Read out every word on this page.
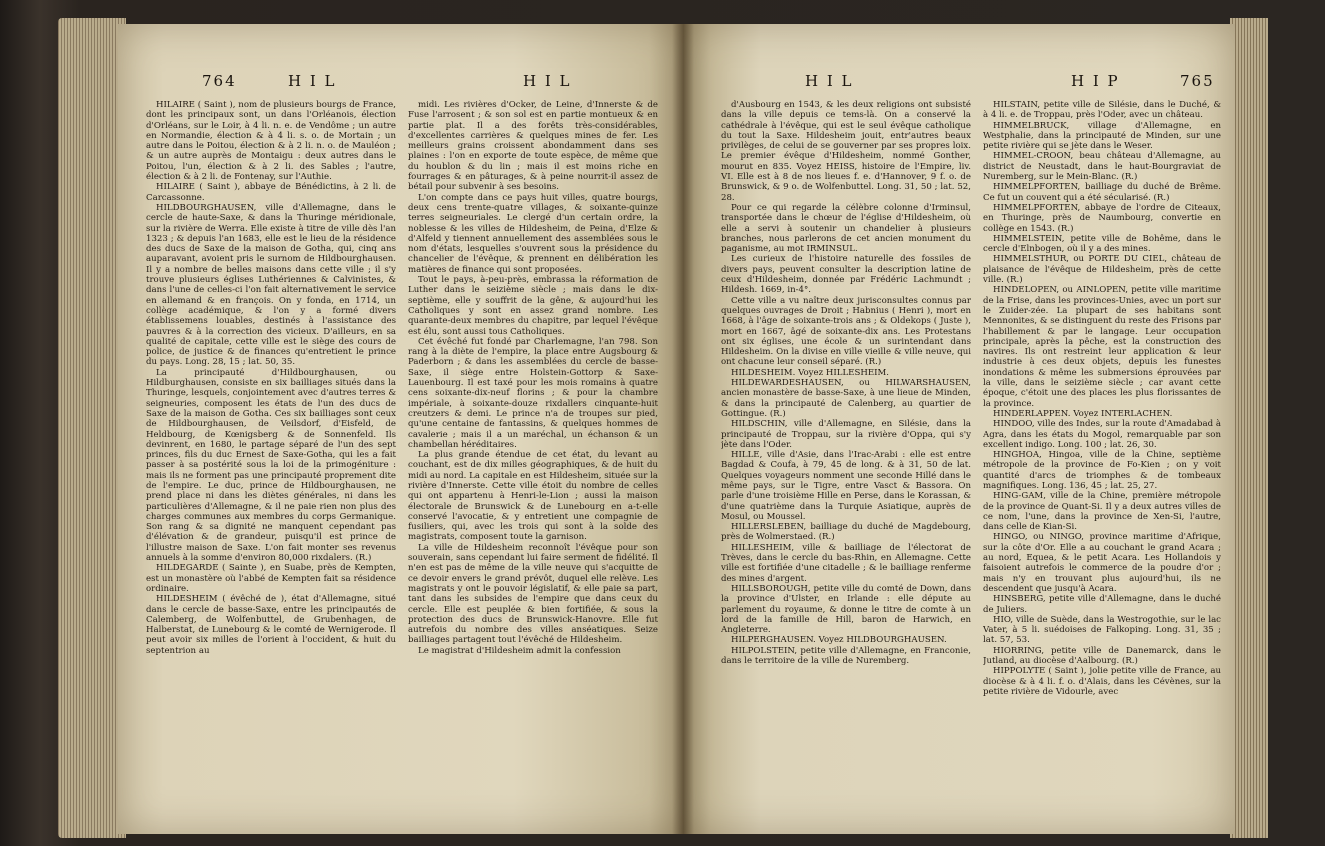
764	H I L	H I L

HILAIRE ( Saint ), nom de plusieurs bourgs de France, dont les principaux sont, un dans l'Orléanois, élection d'Orléans, sur le Loir, à 4 li. n. e. de Vendôme ; un autre en Normandie, élection & à 4 li. s. o. de Mortain ; un autre dans le Poitou, élection & à 2 li. n. o. de Mauléon ; & un autre auprès de Montaigu : deux autres dans le Poitou, l'un, élection & à 2 li. des Sables ; l'autre, élection & à 2 li. de Fontenay, sur l'Authie.

HILAIRE ( Saint ), abbaye de Bénédictins, à 2 li. de Carcassonne.

HILDBOURGHAUSEN, ville d'Allemagne, dans le cercle de haute-Saxe, & dans la Thuringe méridionale, sur la rivière de Werra. Elle existe à titre de ville dès l'an 1323 ; & depuis l'an 1683, elle est le lieu de la résidence des ducs de Saxe de la maison de Gotha, qui, cinq ans auparavant, avoient pris le surnom de Hildbourghausen. Il y a nombre de belles maisons dans cette ville ; il s'y trouve plusieurs églises Luthériennes & Calvinistes, & dans l'une de celles-ci l'on fait alternativement le service en allemand & en françois. On y fonda, en 1714, un collège académique, & l'on y a formé divers établissemens louables, destinés à l'assistance des pauvres & à la correction des vicieux. D'ailleurs, en sa qualité de capitale, cette ville est le siège des cours de police, de justice & de finances qu'entretient le prince du pays. Long. 28, 15 ; lat. 50, 35.

La principauté d'Hildbourghausen, ou Hildburghausen, consiste en six bailliages situés dans la Thuringe, lesquels, conjointement avec d'autres terres & seigneuries, composent les états de l'un des ducs de Saxe de la maison de Gotha. Ces six bailliages sont ceux de Hildbourghausen, de Veilsdorf, d'Eisfeld, de Heldbourg, de Kœnigsberg & de Sonnenfeld. Ils devinrent, en 1680, le partage séparé de l'un des sept princes, fils du duc Ernest de Saxe-Gotha, qui les a fait passer à sa postérité sous la loi de la primogéniture : mais ils ne forment pas une principauté proprement dite de l'empire. Le duc, prince de Hildbourghausen, ne prend place ni dans les diètes générales, ni dans les particulières d'Allemagne, & il ne paie rien non plus des charges communes aux membres du corps Germanique. Son rang & sa dignité ne manquent cependant pas d'élévation & de grandeur, puisqu'il est prince de l'illustre maison de Saxe. L'on fait monter ses revenus annuels à la somme d'environ 80,000 rixdalers. (R.)

HILDEGARDE ( Sainte ), en Suabe, près de Kempten, est un monastère où l'abbé de Kempten fait sa résidence ordinaire.

HILDESHEIM ( évêché de ), état d'Allemagne, situé dans le cercle de basse-Saxe, entre les principautés de Calemberg, de Wolfenbuttel, de Grubenhagen, de Halberstat, de Lunebourg & le comté de Wernigerode. Il peut avoir six milles de l'orient à l'occident, & huit du septentrion au

midi. Les rivières d'Ocker, de Leine, d'Innerste & de Fuse l'arrosent ; & son sol est en partie montueux & en partie plat. Il a des forêts très-considérables, d'excellentes carrières & quelques mines de fer. Les meilleurs grains croissent abondamment dans ses plaines : l'on en exporte de toute espèce, de même que du houblon & du lin ; mais il est moins riche en fourrages & en pâturages, & à peine nourrit-il assez de bétail pour subvenir à ses besoins.

L'on compte dans ce pays huit villes, quatre bourgs, deux cens trente-quatre villages, & soixante-quinze terres seigneuriales. Le clergé d'un certain ordre, la noblesse & les villes de Hildesheim, de Peina, d'Elze & d'Alfeld y tiennent annuellement des assemblées sous le nom d'états, lesquelles s'ouvrent sous la présidence du chancelier de l'évêque, & prennent en délibération les matières de finance qui sont proposées.

Tout le pays, à-peu-près, embrassa la réformation de Luther dans le seizième siècle ; mais dans le dix-septième, elle y souffrit de la gêne, & aujourd'hui les Catholiques y sont en assez grand nombre. Les quarante-deux membres du chapitre, par lequel l'évêque est élu, sont aussi tous Catholiques.

Cet évêché fut fondé par Charlemagne, l'an 798. Son rang à la diète de l'empire, la place entre Augsbourg & Paderborn ; & dans les assemblées du cercle de basse-Saxe, il siège entre Holstein-Gottorp & Saxe-Lauenbourg. Il est taxé pour les mois romains à quatre cens soixante-dix-neuf florins ; & pour la chambre impériale, à soixante-douze rixdallers cinquante-huit creutzers & demi. Le prince n'a de troupes sur pied, qu'une centaine de fantassins, & quelques hommes de cavalerie ; mais il a un maréchal, un échanson & un chambellan héréditaires.

La plus grande étendue de cet état, du levant au couchant, est de dix milles géographiques, & de huit du midi au nord. La capitale en est Hildesheim, située sur la rivière d'Innerste. Cette ville étoit du nombre de celles qui ont appartenu à Henri-le-Lion ; aussi la maison électorale de Brunswick & de Lunebourg en a-t-elle conservé l'avocatie, & y entretient une compagnie de fusiliers, qui, avec les trois qui sont à la solde des magistrats, composent toute la garnison.

La ville de Hildesheim reconnoît l'évêque pour son souverain, sans cependant lui faire serment de fidélité. Il n'en est pas de même de la ville neuve qui s'acquitte de ce devoir envers le grand prévôt, duquel elle relève. Les magistrats y ont le pouvoir législatif, & elle paie sa part, tant dans les subsides de l'empire que dans ceux du cercle. Elle est peuplée & bien fortifiée, & sous la protection des ducs de Brunswick-Hanovre. Elle fut autrefois du nombre des villes anséatiques. Seize bailliages partagent tout l'évêché de Hildesheim.

Le magistrat d'Hildesheim admit la confession

H I L	H I P	765

d'Ausbourg en 1543, & les deux religions ont subsisté dans la ville depuis ce tems-là. On a conservé la cathédrale à l'évêque, qui est le seul évêque catholique du tout la Saxe. Hildesheim jouit, entr'autres beaux privilèges, de celui de se gouverner par ses propres loix. Le premier évêque d'Hildesheim, nommé Gonther, mourut en 835. Voyez HEISS, histoire de l'Empire, liv. VI. Elle est à 8 de nos lieues f. e. d'Hannover, 9 f. o. de Brunswick, & 9 o. de Wolfenbuttel. Long. 31, 50 ; lat. 52, 28.

Pour ce qui regarde la célèbre colonne d'Irminsul, transportée dans le chœur de l'église d'Hildesheim, où elle a servi à soutenir un chandelier à plusieurs branches, nous parlerons de cet ancien monument du paganisme, au mot IRMINSUL.

Les curieux de l'histoire naturelle des fossiles de divers pays, peuvent consulter la description latine de ceux d'Hildesheim, donnée par Frédéric Lachmundt ; Hildesh. 1669, in-4°.

Cette ville a vu naître deux jurisconsultes connus par quelques ouvrages de Droit ; Habnius ( Henri ), mort en 1668, à l'âge de soixante-trois ans ; & Oldekops ( Juste ), mort en 1667, âgé de soixante-dix ans. Les Protestans ont six églises, une école & un surintendant dans Hildesheim. On la divise en ville vieille & ville neuve, qui ont chacune leur conseil séparé. (R.)

HILDESHEIM. Voyez HILLESHEIM.

HILDEWARDESHAUSEN, ou HILWARSHAUSEN, ancien monastère de basse-Saxe, à une lieue de Minden, & dans la principauté de Calenberg, au quartier de Gottingue. (R.)

HILDSCHIN, ville d'Allemagne, en Silésie, dans la principauté de Troppau, sur la rivière d'Oppa, qui s'y jète dans l'Oder.

HILLE, ville d'Asie, dans l'Irac-Arabi : elle est entre Bagdad & Coufa, à 79, 45 de long. & à 31, 50 de lat. Quelques voyageurs nomment une seconde Hillé dans le même pays, sur le Tigre, entre Vasct & Bassora. On parle d'une troisième Hille en Perse, dans le Korassan, & d'une quatrième dans la Turquie Asiatique, auprès de Mosul, ou Moussel.

HILLERSLEBEN, bailliage du duché de Magdebourg, près de Wolmerstaed. (R.)

HILLESHEIM, ville & bailliage de l'électorat de Trèves, dans le cercle du bas-Rhin, en Allemagne. Cette ville est fortifiée d'une citadelle ; & le bailliage renferme des mines d'argent.

HILLSBOROUGH, petite ville du comté de Down, dans la province d'Ulster, en Irlande : elle députe au parlement du royaume, & donne le titre de comte à un lord de la famille de Hill, baron de Harwich, en Angleterre.

HILPERGHAUSEN. Voyez HILDBOURGHAUSEN.

HILPOLSTEIN, petite ville d'Allemagne, en Franconie, dans le territoire de la ville de Nuremberg.

HILSTAIN, petite ville de Silésie, dans le Duché, & à 4 li. e. de Troppau, près l'Oder, avec un château.

HIMMELBRUCK, village d'Allemagne, en Westphalie, dans la principauté de Minden, sur une petite rivière qui se jète dans le Weser.

HIMMEL-CROON, beau château d'Allemagne, au district de Neustadt, dans le haut-Bourgraviat de Nuremberg, sur le Mein-Blanc. (R.)

HIMMELPFORTEN, bailliage du duché de Brême. Ce fut un couvent qui a été sécularisé. (R.)

HIMMELPFORTEN, abbaye de l'ordre de Citeaux, en Thuringe, près de Naumbourg, convertie en collège en 1543. (R.)

HIMMELSTEIN, petite ville de Bohême, dans le cercle d'Elnbogen, où il y a des mines.

HIMMELSTHUR, ou PORTE DU CIEL, château de plaisance de l'évêque de Hildesheim, près de cette ville. (R.)

HINDELOPEN, ou AINLOPEN, petite ville maritime de la Frise, dans les provinces-Unies, avec un port sur le Zuider-zée. La plupart de ses habitans sont Mennonites, & se distinguent du reste des Frisons par l'habillement & par le langage. Leur occupation principale, après la pêche, est la construction des navires. Ils ont restreint leur application & leur industrie à ces deux objets, depuis les funestes inondations & même les submersions éprouvées par la ville, dans le seizième siècle ; car avant cette époque, c'étoit une des places les plus florissantes de la province.

HINDERLAPPEN. Voyez INTERLACHEN.

HINDOO, ville des Indes, sur la route d'Amadabad à Agra, dans les états du Mogol, remarquable par son excellent indigo. Long. 100 ; lat. 26, 30.

HINGHOA, Hingoa, ville de la Chine, septième métropole de la province de Fo-Kien ; on y voit quantité d'arcs de triomphes & de tombeaux magnifiques. Long. 136, 45 ; lat. 25, 27.

HING-GAM, ville de la Chine, première métropole de la province de Quant-Si. Il y a deux autres villes de ce nom, l'une, dans la province de Xen-Si, l'autre, dans celle de Kian-Si.

HINGO, ou NINGO, province maritime d'Afrique, sur la côte d'Or. Elle a au couchant le grand Acara ; au nord, Equea, & le petit Acara. Les Hollandois y faisoient autrefois le commerce de la poudre d'or ; mais n'y en trouvant plus aujourd'hui, ils ne descendent que jusqu'à Acara.

HINSBERG, petite ville d'Allemagne, dans le duché de Juliers.

HIO, ville de Suède, dans la Westrogothie, sur le lac Vater, à 5 li. suédoises de Falkoping. Long. 31, 35 ; lat. 57, 53.

HIORRING, petite ville de Danemarck, dans le Jutland, au diocèse d'Aalbourg. (R.)

HIPPOLYTE ( Saint ), jolie petite ville de France, au diocèse & à 4 li. f. o. d'Alais, dans les Cévènes, sur la petite rivière de Vidourle, avec
